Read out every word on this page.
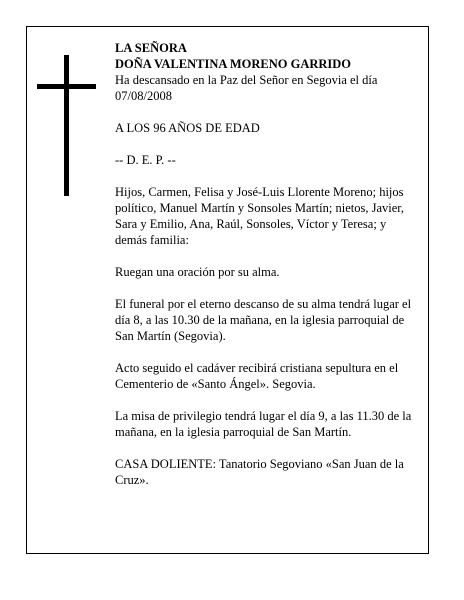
LA SEÑORA
DOÑA VALENTINA MORENO GARRIDO
Ha descansado en la Paz del Señor en Segovia el día 07/08/2008

A LOS 96 AÑOS DE EDAD

-- D. E. P. --

Hijos, Carmen, Felisa y José-Luis Llorente Moreno; hijos político, Manuel Martín y Sonsoles Martín; nietos, Javier, Sara y Emilio, Ana, Raúl, Sonsoles, Víctor y Teresa; y demás familia:

Ruegan una oración por su alma.

El funeral por el eterno descanso de su alma tendrá lugar el día 8, a las 10.30 de la mañana, en la iglesia parroquial de San Martín (Segovia).

Acto seguido el cadáver recibirá cristiana sepultura en el Cementerio de «Santo Ángel». Segovia.

La misa de privilegio tendrá lugar el día 9, a las 11.30 de la mañana, en la iglesia parroquial de San Martín.

CASA DOLIENTE: Tanatorio Segoviano «San Juan de la Cruz».
